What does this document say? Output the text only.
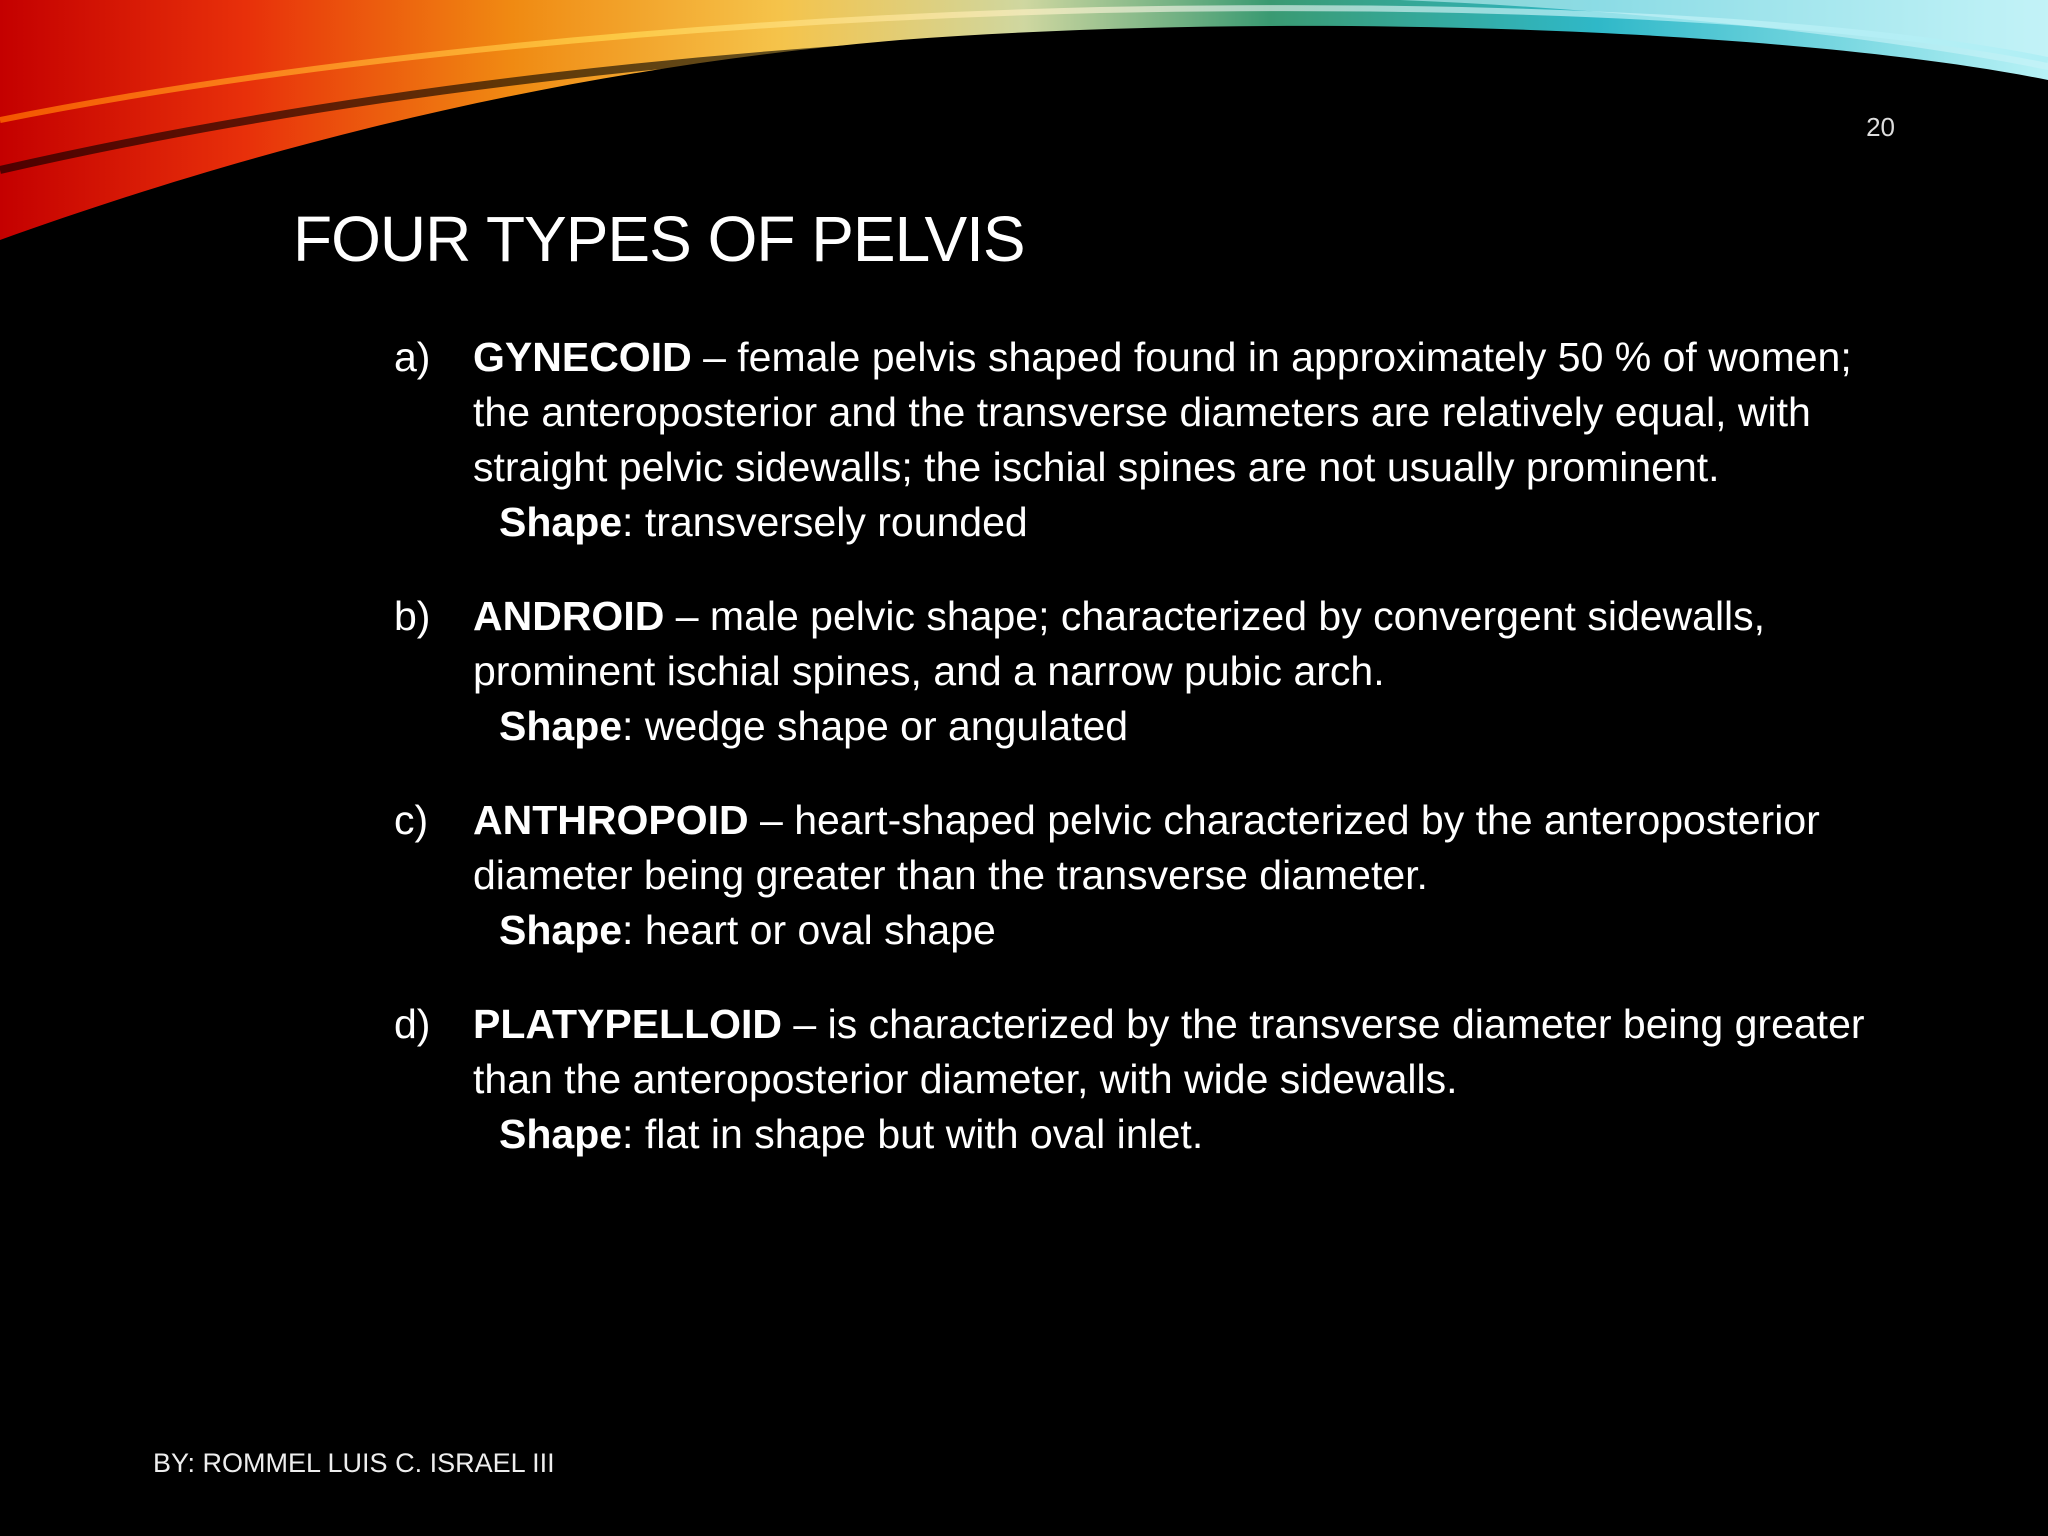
20
FOUR TYPES OF PELVIS
a) GYNECOID – female pelvis shaped found in approximately 50 % of women; the anteroposterior and the transverse diameters are relatively equal, with straight pelvic sidewalls; the ischial spines are not usually prominent.
Shape: transversely rounded
b) ANDROID – male pelvic shape; characterized by convergent sidewalls, prominent ischial spines, and a narrow pubic arch.
Shape: wedge shape or angulated
c) ANTHROPOID – heart-shaped pelvic characterized by the anteroposterior diameter being greater than the transverse diameter.
Shape: heart or oval shape
d) PLATYPELLOID – is characterized by the transverse diameter being greater than the anteroposterior diameter, with wide sidewalls.
Shape: flat in shape but with oval inlet.
BY: ROMMEL LUIS C. ISRAEL III
